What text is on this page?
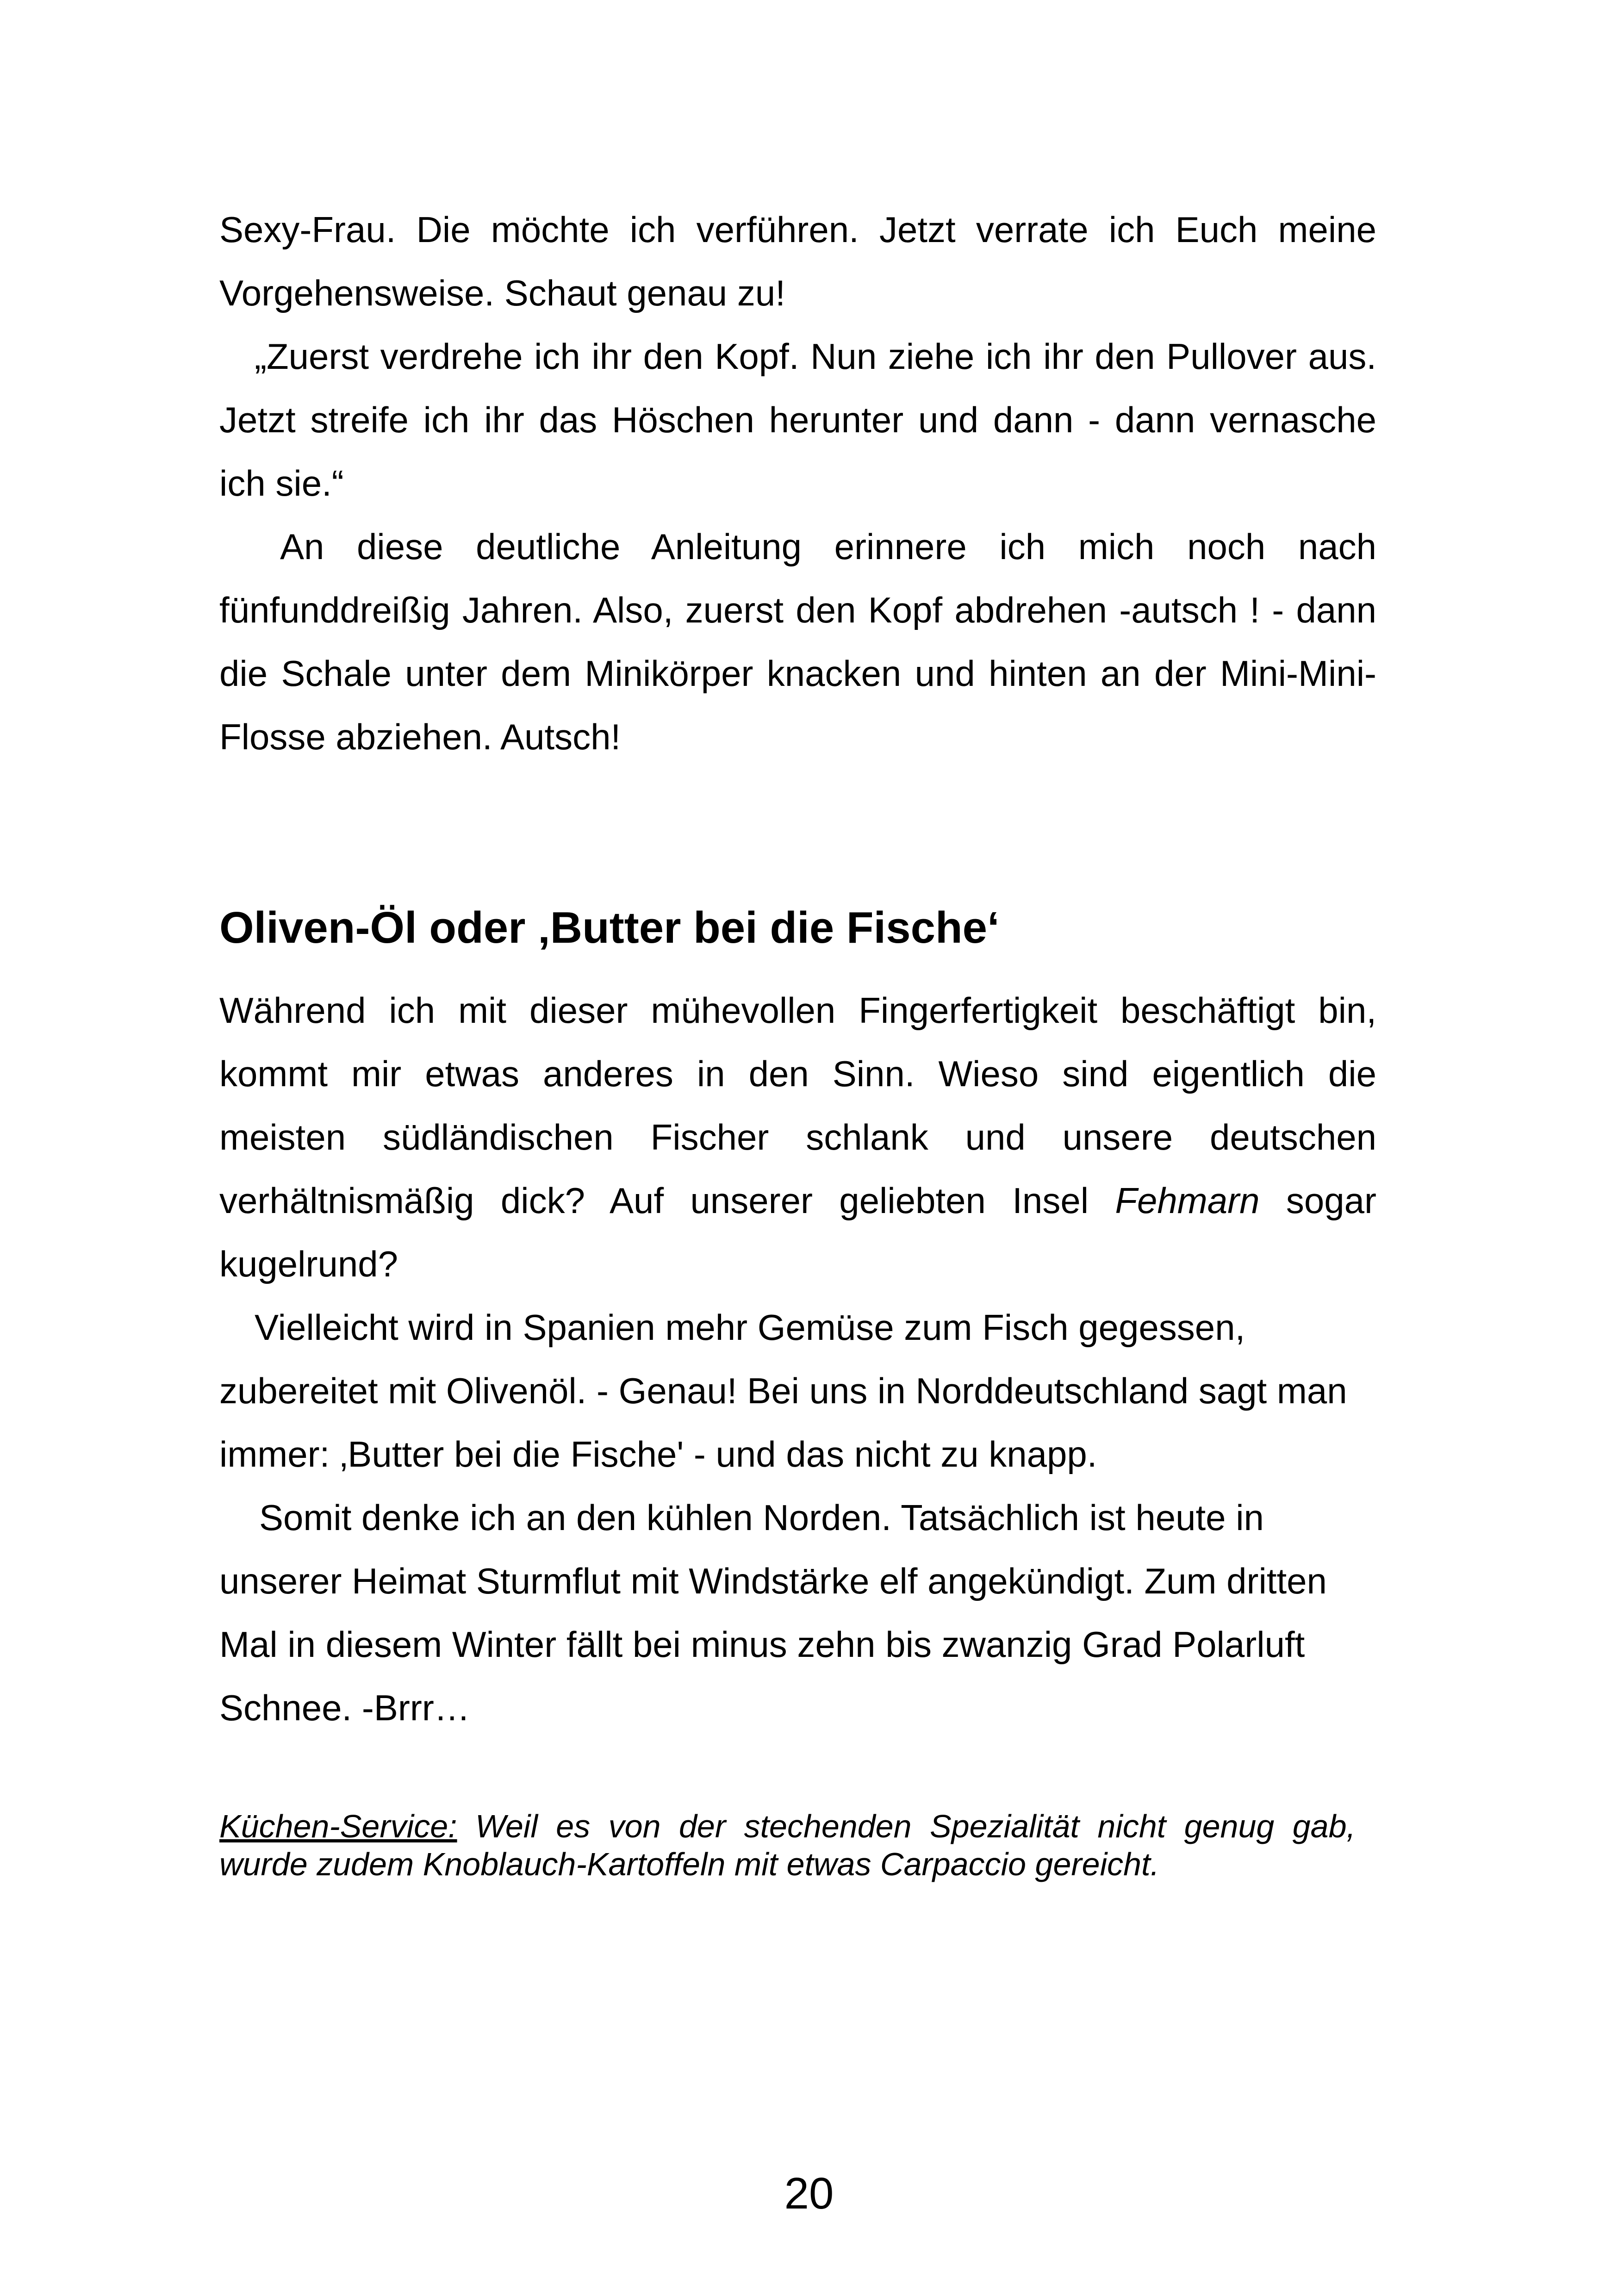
Sexy-Frau. Die möchte ich verführen. Jetzt verrate ich Euch meine Vorgehensweise. Schaut genau zu!

„Zuerst verdrehe ich ihr den Kopf. Nun ziehe ich ihr den Pullover aus. Jetzt streife ich ihr das Höschen herunter und dann - dann vernasche ich sie.“

An diese deutliche Anleitung erinnere ich mich noch nach fünfunddreißig Jahren. Also, zuerst den Kopf abdrehen -autsch ! - dann die Schale unter dem Minikörper knacken und hinten an der Mini-Mini-Flosse abziehen. Autsch!

Oliven-Öl oder ‚Butter bei die Fische‘

Während ich mit dieser mühevollen Fingerfertigkeit beschäftigt bin, kommt mir etwas anderes in den Sinn. Wieso sind eigentlich die meisten südländischen Fischer schlank und unsere deutschen verhältnismäßig dick? Auf unserer geliebten Insel Fehmarn sogar kugelrund?

Vielleicht wird in Spanien mehr Gemüse zum Fisch gegessen, zubereitet mit Olivenöl. - Genau! Bei uns in Norddeutschland sagt man immer: ‚Butter bei die Fische' - und das nicht zu knapp.

Somit denke ich an den kühlen Norden. Tatsächlich ist heute in unserer Heimat Sturmflut mit Windstärke elf angekündigt. Zum dritten Mal in diesem Winter fällt bei minus zehn bis zwanzig Grad Polarluft Schnee. -Brrr…

Küchen-Service: Weil es von der stechenden Spezialität nicht genug gab, wurde zudem Knoblauch-Kartoffeln mit etwas Carpaccio gereicht.

20
